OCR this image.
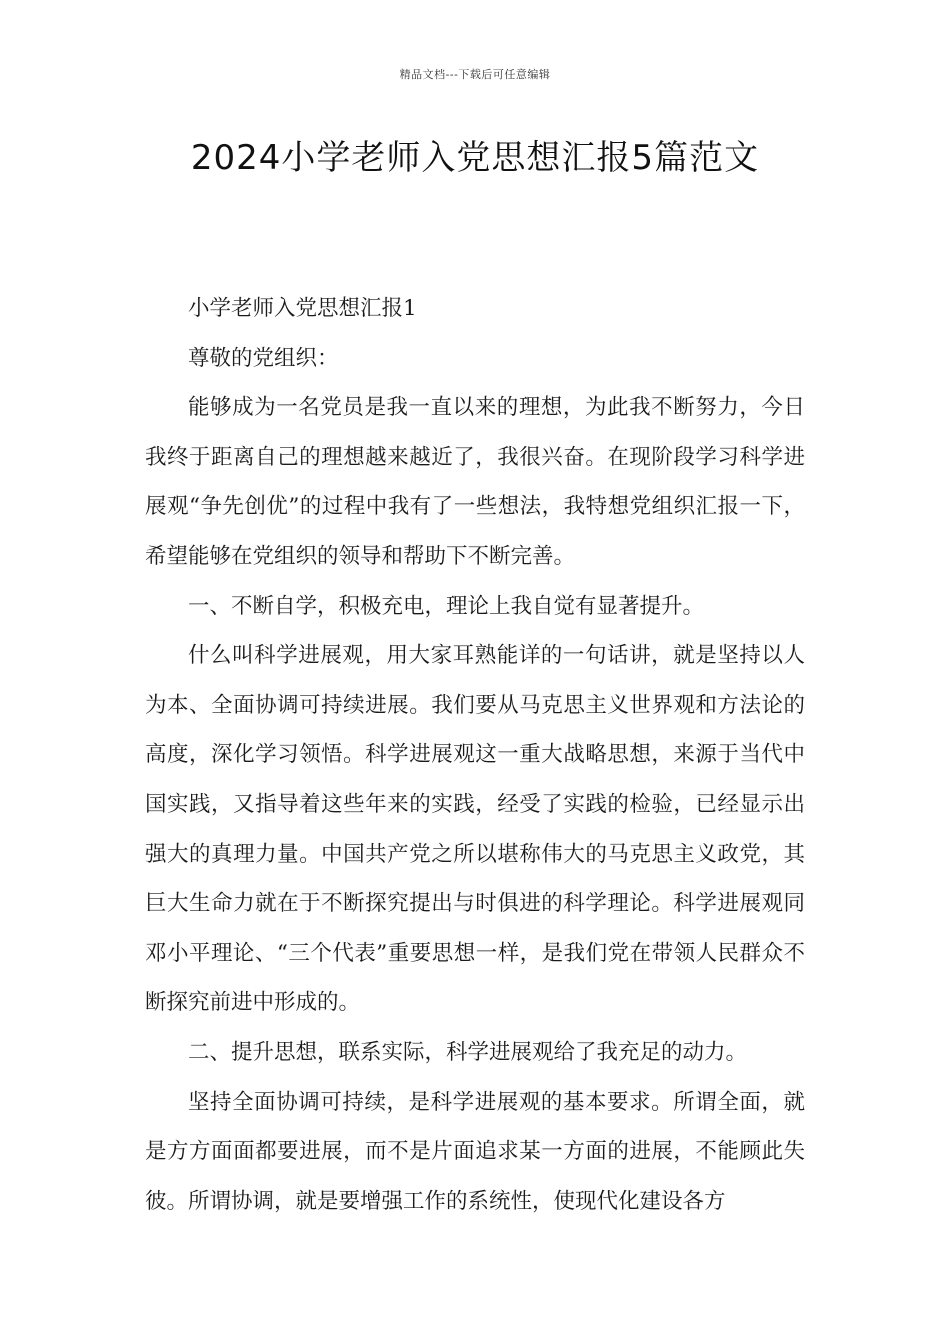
精品文档---下载后可任意编辑
2024小学老师入党思想汇报5篇范文

小学老师入党思想汇报1

尊敬的党组织：

能够成为一名党员是我一直以来的理想，为此我不断努力，今日我终于距离自己的理想越来越近了，我很兴奋。在现阶段学习科学进展观“争先创优”的过程中我有了一些想法，我特想党组织汇报一下，希望能够在党组织的领导和帮助下不断完善。

一、不断自学，积极充电，理论上我自觉有显著提升。

什么叫科学进展观，用大家耳熟能详的一句话讲，就是坚持以人为本、全面协调可持续进展。我们要从马克思主义世界观和方法论的高度，深化学习领悟。科学进展观这一重大战略思想，来源于当代中国实践，又指导着这些年来的实践，经受了实践的检验，已经显示出强大的真理力量。中国共产党之所以堪称伟大的马克思主义政党，其巨大生命力就在于不断探究提出与时俱进的科学理论。科学进展观同邓小平理论、“三个代表”重要思想一样，是我们党在带领人民群众不断探究前进中形成的。

二、提升思想，联系实际，科学进展观给了我充足的动力。

坚持全面协调可持续，是科学进展观的基本要求。所谓全面，就是方方面面都要进展，而不是片面追求某一方面的进展，不能顾此失彼。所谓协调，就是要增强工作的系统性，使现代化建设各方
